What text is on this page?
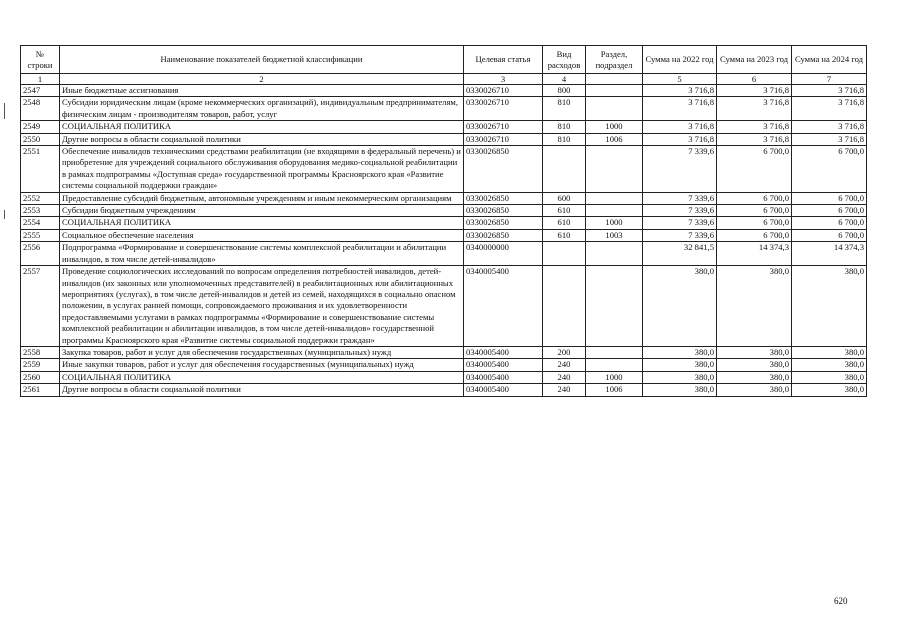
№ строки	Наименование показателей бюджетной классификации	Целевая статья	Вид расходов	Раздел, подраздел	Сумма на 2022 год	Сумма на 2023 год	Сумма на 2024 год
1	2	3	4		5	6	7
2547	Иные бюджетные ассигнования	0330026710	800		3 716,8	3 716,8	3 716,8
2548	Субсидии юридическим лицам (кроме некоммерческих организаций), индивидуальным предпринимателям, физическим лицам - производителям товаров, работ, услуг	0330026710	810		3 716,8	3 716,8	3 716,8
2549	СОЦИАЛЬНАЯ ПОЛИТИКА	0330026710	810	1000	3 716,8	3 716,8	3 716,8
2550	Другие вопросы в области социальной политики	0330026710	810	1006	3 716,8	3 716,8	3 716,8
2551	Обеспечение инвалидов техническими средствами реабилитации (не входящими в федеральный перечень) и приобретение для учреждений социального обслуживания оборудования медико-социальной реабилитации в рамках подпрограммы «Доступная среда» государственной программы Красноярского края «Развитие системы социальной поддержки граждан»	0330026850			7 339,6	6 700,0	6 700,0
2552	Предоставление субсидий бюджетным, автономным учреждениям и иным некоммерческим организациям	0330026850	600		7 339,6	6 700,0	6 700,0
2553	Субсидии бюджетным учреждениям	0330026850	610		7 339,6	6 700,0	6 700,0
2554	СОЦИАЛЬНАЯ ПОЛИТИКА	0330026850	610	1000	7 339,6	6 700,0	6 700,0
2555	Социальное обеспечение населения	0330026850	610	1003	7 339,6	6 700,0	6 700,0
2556	Подпрограмма «Формирование и совершенствование системы комплексной реабилитации и абилитации инвалидов, в том числе детей-инвалидов»	0340000000			32 841,5	14 374,3	14 374,3
2557	Проведение социологических исследований по вопросам определения потребностей инвалидов, детей-инвалидов (их законных или уполномоченных представителей) в реабилитационных или абилитационных мероприятиях (услугах), в том числе детей-инвалидов и детей из семей, находящихся в социально опасном положении, в услугах ранней помощи, сопровождаемого проживания и их удовлетворенности предоставляемыми услугами в рамках подпрограммы «Формирование и совершенствование системы комплексной реабилитации и абилитации инвалидов, в том числе детей-инвалидов» государственной программы Красноярского края «Развитие системы социальной поддержки граждан»	0340005400			380,0	380,0	380,0
2558	Закупка товаров, работ и услуг для обеспечения государственных (муниципальных) нужд	0340005400	200		380,0	380,0	380,0
2559	Иные закупки товаров, работ и услуг для обеспечения государственных (муниципальных) нужд	0340005400	240		380,0	380,0	380,0
2560	СОЦИАЛЬНАЯ ПОЛИТИКА	0340005400	240	1000	380,0	380,0	380,0
2561	Другие вопросы в области социальной политики	0340005400	240	1006	380,0	380,0	380,0
620
